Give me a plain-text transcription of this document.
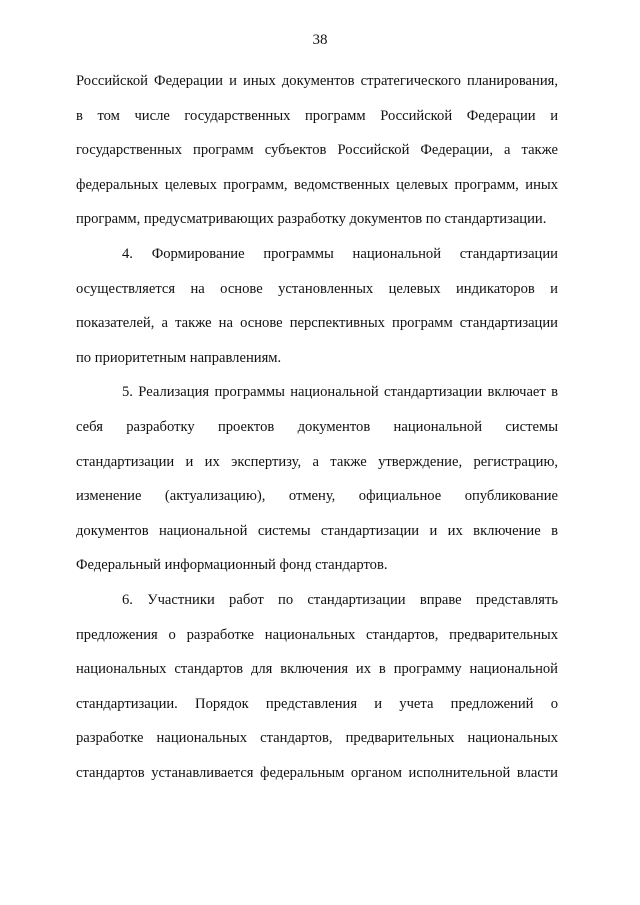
38
Российской Федерации и иных документов стратегического планирования,
в том числе государственных программ Российской Федерации и
государственных программ субъектов Российской Федерации, а также
федеральных целевых программ, ведомственных целевых программ, иных
программ, предусматривающих разработку документов по стандартизации.
4. Формирование программы национальной стандартизации
осуществляется на основе установленных целевых индикаторов и
показателей, а также на основе перспективных программ стандартизации
по приоритетным направлениям.
5. Реализация программы национальной стандартизации включает в
себя разработку проектов документов национальной системы
стандартизации и их экспертизу, а также утверждение, регистрацию,
изменение (актуализацию), отмену, официальное опубликование
документов национальной системы стандартизации и их включение в
Федеральный информационный фонд стандартов.
6. Участники работ по стандартизации вправе представлять
предложения о разработке национальных стандартов, предварительных
национальных стандартов для включения их в программу национальной
стандартизации. Порядок представления и учета предложений о
разработке национальных стандартов, предварительных национальных
стандартов устанавливается федеральным органом исполнительной власти
